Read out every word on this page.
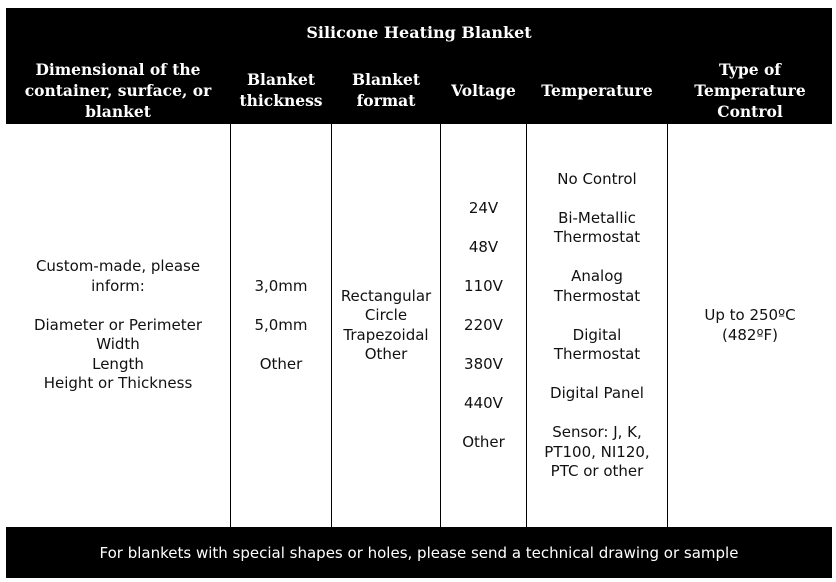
Silicone Heating Blanket
Dimensional of the
container, surface, or
blanket
Blanket
thickness
Blanket
format
Voltage	Temperature
Type of
Temperature
Control
Custom-made, please
inform:
Diameter or Perimeter
Width
Length
Height or Thickness
3,0mm
5,0mm
Other
Rectangular
Circle
Trapezoidal
Other
24V
48V
110V
220V
380V
440V
Other
No Control
Bi-Metallic
Thermostat
Analog
Thermostat
Digital
Thermostat
Digital Panel
Sensor: J, K,
PT100, NI120,
PTC or other
Up to 250ºC
(482ºF)
For blankets with special shapes or holes, please send a technical drawing or sample
